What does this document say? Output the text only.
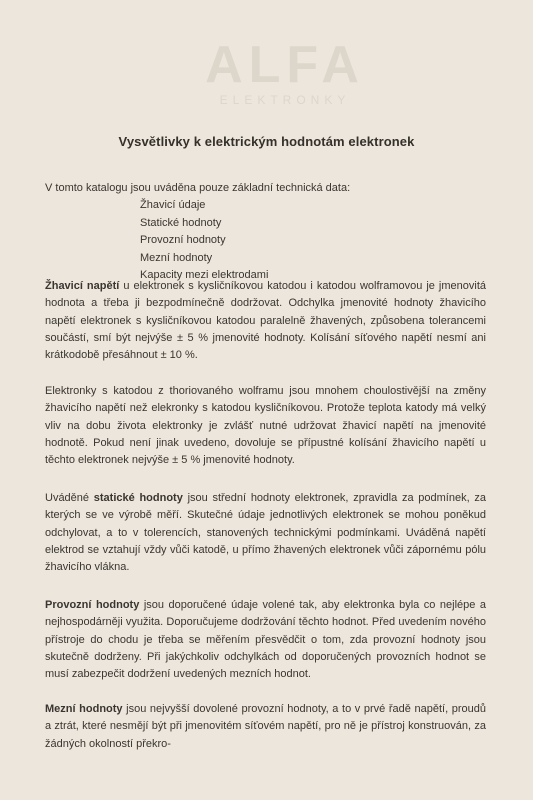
ALFA
ELEKTRONKY
Vysvětlivky k elektrickým hodnotám elektronek
V tomto katalogu jsou uváděna pouze základní technická data:
Žhavicí údaje
Statické hodnoty
Provozní hodnoty
Mezní hodnoty
Kapacity mezi elektrodami

Žhavicí napětí u elektronek s kysličníkovou katodou i katodou wolframovou je jmenovitá hodnota a třeba ji bezpodmínečně dodržovat. Odchylka jmenovité hodnoty žhavicího napětí elektronek s kysličníkovou katodou paralelně žhavených, způsobena tolerancemi součástí, smí být nejvýše ± 5 % jmenovité hodnoty. Kolísání síťového napětí nesmí ani krátkodobě přesáhnout ± 10 %.

Elektronky s katodou z thoriovaného wolframu jsou mnohem choulostivější na změny žhavicího napětí než elekronky s katodou kysličníkovou. Protože teplota katody má velký vliv na dobu života elektronky je zvlášť nutné udržovat žhavicí napětí na jmenovité hodnotě. Pokud není jinak uvedeno, dovoluje se přípustné kolísání žhavicího napětí u těchto elektronek nejvýše ± 5 % jmenovité hodnoty.

Uváděné statické hodnoty jsou střední hodnoty elektronek, zpravidla za podmínek, za kterých se ve výrobě měří. Skutečné údaje jednotlivých elektronek se mohou poněkud odchylovat, a to v tolerencích, stanovených technickými podmínkami. Uváděná napětí elektrod se vztahují vždy vůči katodě, u přímo žhavených elektronek vůči zápornému pólu žhavicího vlákna.

Provozní hodnoty jsou doporučené údaje volené tak, aby elektronka byla co nejlépe a nejhospodárněji využita. Doporučujeme dodržování těchto hodnot. Před uvedením nového přístroje do chodu je třeba se měřením přesvědčit o tom, zda provozní hodnoty jsou skutečně dodrženy. Při jakýchkoliv odchylkách od doporučených provozních hodnot se musí zabezpečit dodržení uvedených mezních hodnot.

Mezní hodnoty jsou nejvyšší dovolené provozní hodnoty, a to v prvé řadě napětí, proudů a ztrát, které nesmějí být při jmenovitém síťovém napětí, pro ně je přístroj konstruován, za žádných okolností překro-
